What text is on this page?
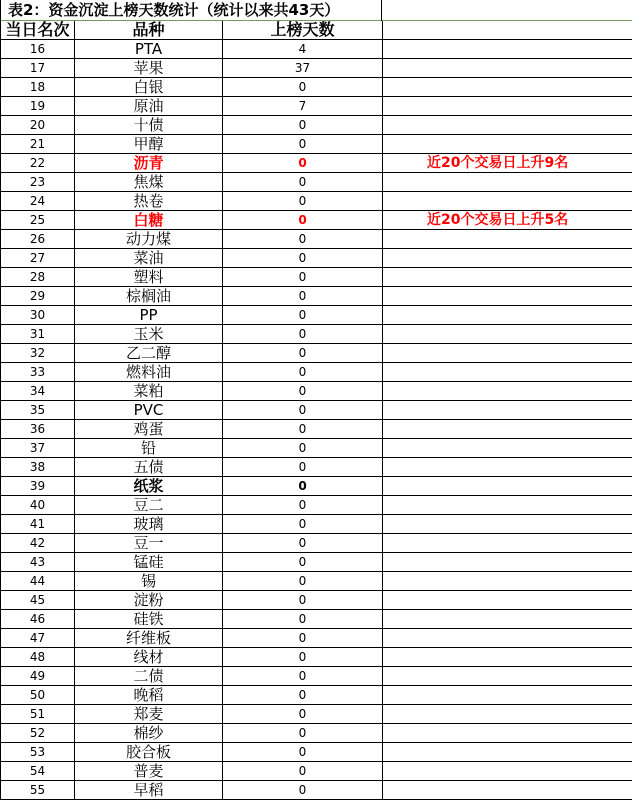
表2：资金沉淀上榜天数统计（统计以来共43天）
当日名次	品种	上榜天数	
16	PTA	4	
17	苹果	37	
18	白银	0	
19	原油	7	
20	十债	0	
21	甲醇	0	
22	沥青	0	近20个交易日上升9名
23	焦煤	0	
24	热卷	0	
25	白糖	0	近20个交易日上升5名
26	动力煤	0	
27	菜油	0	
28	塑料	0	
29	棕榈油	0	
30	PP	0	
31	玉米	0	
32	乙二醇	0	
33	燃料油	0	
34	菜粕	0	
35	PVC	0	
36	鸡蛋	0	
37	铅	0	
38	五债	0	
39	纸浆	0	
40	豆二	0	
41	玻璃	0	
42	豆一	0	
43	锰硅	0	
44	锡	0	
45	淀粉	0	
46	硅铁	0	
47	纤维板	0	
48	线材	0	
49	二债	0	
50	晚稻	0	
51	郑麦	0	
52	棉纱	0	
53	胶合板	0	
54	普麦	0	
55	早稻	0	
